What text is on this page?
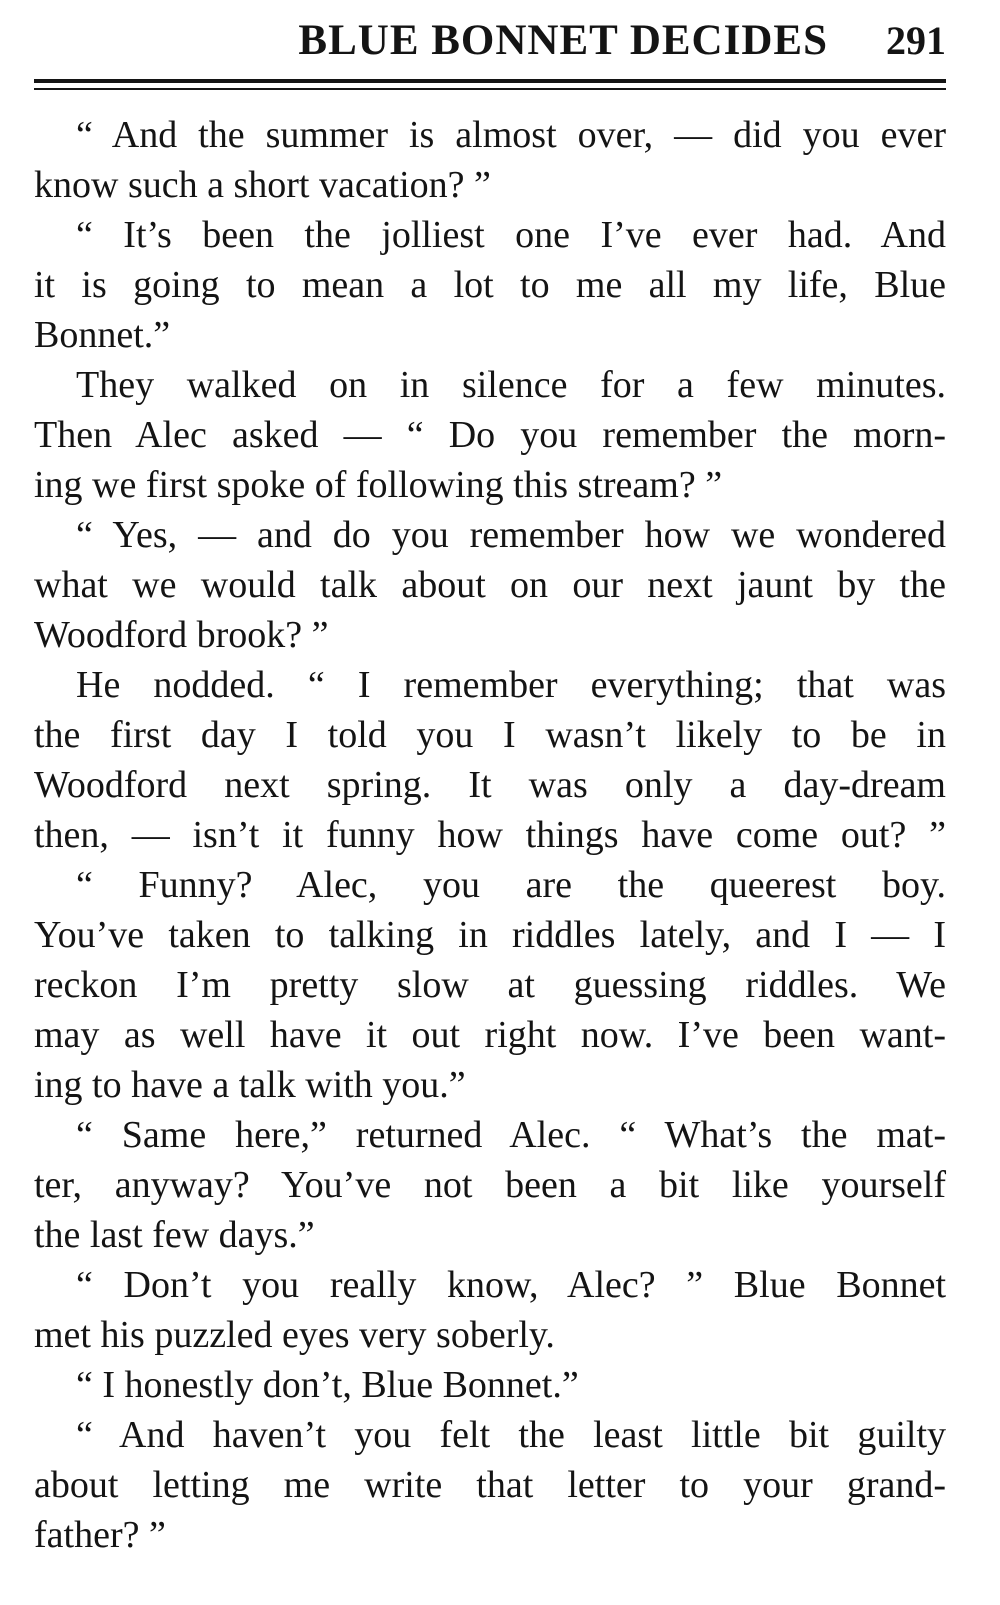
BLUE BONNET DECIDES 291
“ And the summer is almost over, — did you ever
know such a short vacation? ”
“ It’s been the jolliest one I’ve ever had. And
it is going to mean a lot to me all my life, Blue
Bonnet.”
They walked on in silence for a few minutes.
Then Alec asked — “ Do you remember the morn-
ing we first spoke of following this stream? ”
“ Yes, — and do you remember how we wondered
what we would talk about on our next jaunt by the
Woodford brook? ”
He nodded. “ I remember everything; that was
the first day I told you I wasn’t likely to be in
Woodford next spring. It was only a day-dream
then, — isn’t it funny how things have come out? ”
“ Funny? Alec, you are the queerest boy.
You’ve taken to talking in riddles lately, and I — I
reckon I’m pretty slow at guessing riddles. We
may as well have it out right now. I’ve been want-
ing to have a talk with you.”
“ Same here,” returned Alec. “ What’s the mat-
ter, anyway? You’ve not been a bit like yourself
the last few days.”
“ Don’t you really know, Alec? ” Blue Bonnet
met his puzzled eyes very soberly.
“ I honestly don’t, Blue Bonnet.”
“ And haven’t you felt the least little bit guilty
about letting me write that letter to your grand-
father? ”
